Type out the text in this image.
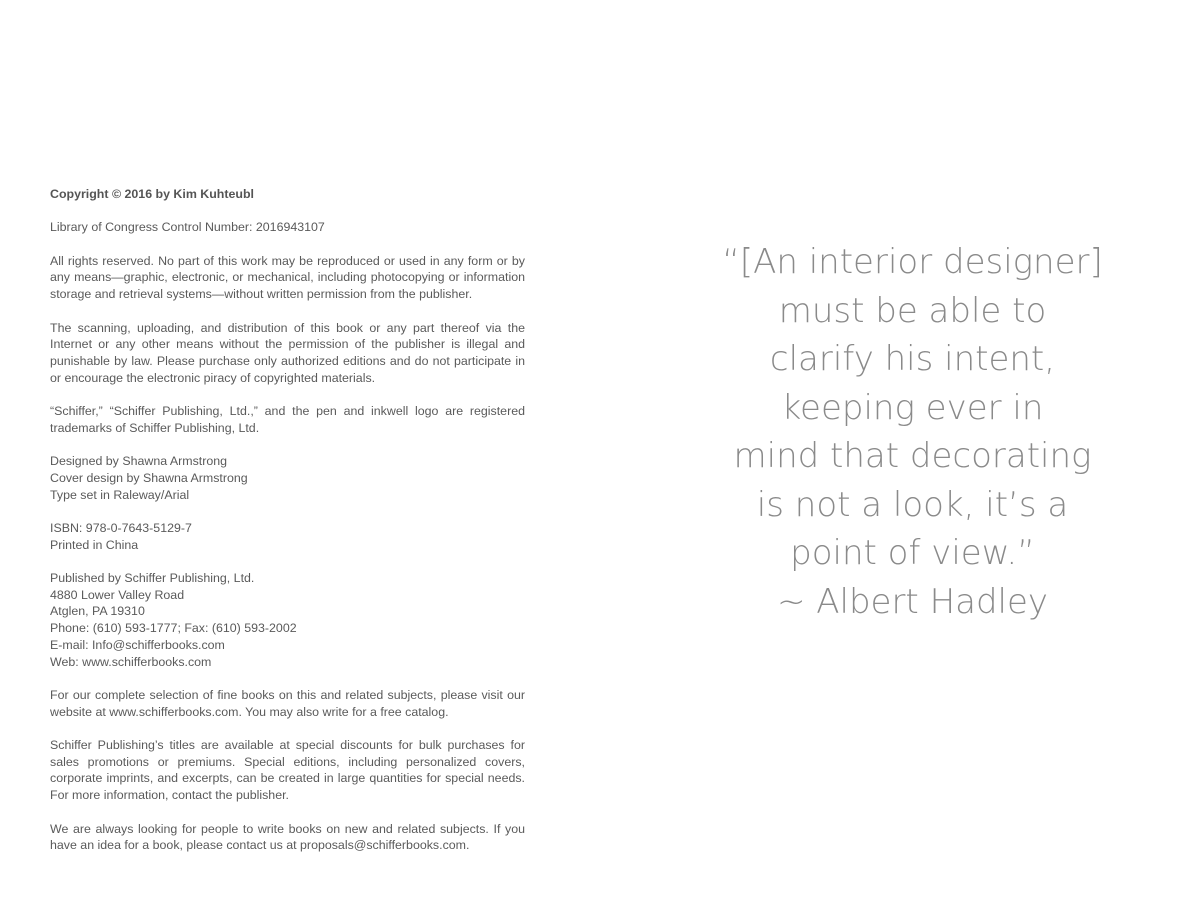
Copyright © 2016 by Kim Kuhteubl

Library of Congress Control Number: 2016943107

All rights reserved. No part of this work may be reproduced or used in any form or by any means—graphic, electronic, or mechanical, including photocopying or information storage and retrieval systems—without written permission from the publisher.

The scanning, uploading, and distribution of this book or any part thereof via the Internet or any other means without the permission of the publisher is illegal and punishable by law. Please purchase only authorized editions and do not participate in or encourage the electronic piracy of copyrighted materials.

“Schiffer,” “Schiffer Publishing, Ltd.,” and the pen and inkwell logo are registered trademarks of Schiffer Publishing, Ltd.

Designed by Shawna Armstrong
Cover design by Shawna Armstrong
Type set in Raleway/Arial

ISBN: 978-0-7643-5129-7
Printed in China

Published by Schiffer Publishing, Ltd.
4880 Lower Valley Road
Atglen, PA 19310
Phone: (610) 593-1777; Fax: (610) 593-2002
E-mail: Info@schifferbooks.com
Web: www.schifferbooks.com

For our complete selection of fine books on this and related subjects, please visit our website at www.schifferbooks.com. You may also write for a free catalog.

Schiffer Publishing’s titles are available at special discounts for bulk purchases for sales promotions or premiums. Special editions, including personalized covers, corporate imprints, and excerpts, can be created in large quantities for special needs. For more information, contact the publisher.

We are always looking for people to write books on new and related subjects. If you have an idea for a book, please contact us at proposals@schifferbooks.com.

“[An interior designer]
must be able to
clarify his intent,
keeping ever in
mind that decorating
is not a look, it’s a
point of view.”
~ Albert Hadley
